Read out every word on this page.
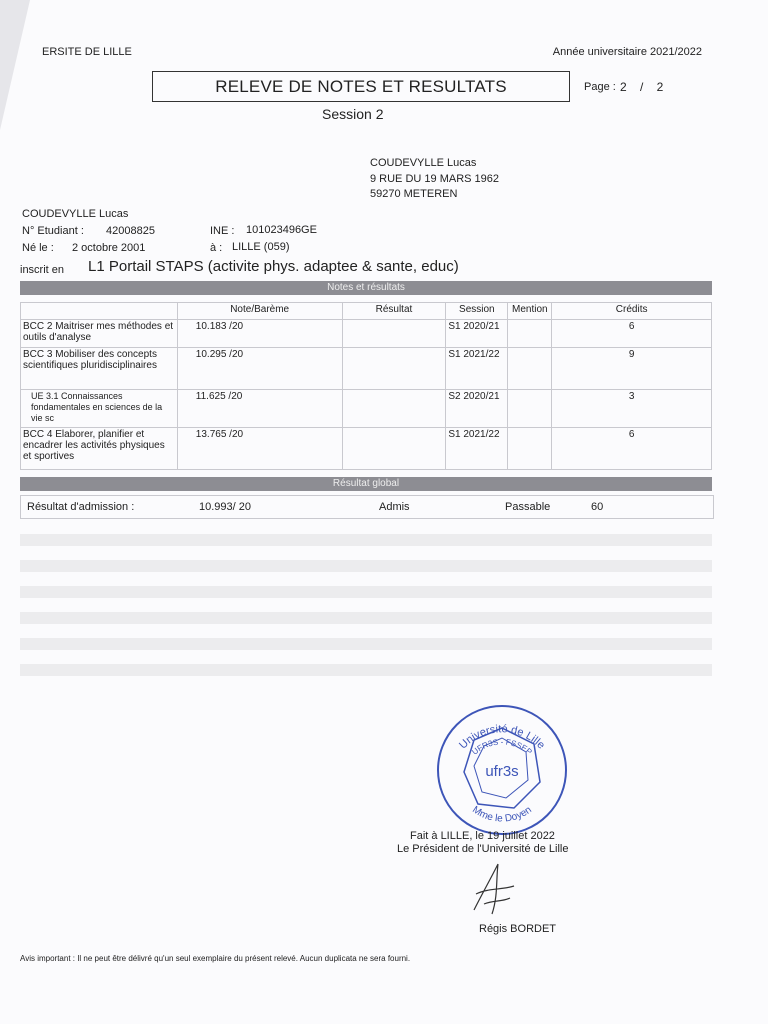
ERSITE DE LILLE	Année universitaire 2021/2022
RELEVE DE NOTES ET RESULTATS	Page : 2 / 2
Session 2
COUDEVYLLE Lucas
9 RUE DU 19 MARS 1962
59270 METEREN
COUDEVYLLE Lucas
N° Etudiant : 42008825	INE : 101023496GE
Né le : 2 octobre 2001	à : LILLE (059)
inscrit en L1 Portail STAPS (activite phys. adaptee & sante, educ)
Notes et résultats
	Note/Barème	Résultat	Session	Mention	Crédits
BCC 2 Maitriser mes méthodes et outils d'analyse	10.183 /20		S1 2020/21		6
BCC 3 Mobiliser des concepts scientifiques pluridisciplinaires	10.295 /20		S1 2021/22		9
UE 3.1 Connaissances fondamentales en sciences de la vie sc	11.625 /20		S2 2020/21		3
BCC 4 Elaborer, planifier et encadrer les activités physiques et sportives	13.765 /20		S1 2021/22		6
Résultat global
Résultat d'admission :	10.993/ 20	Admis	Passable	60
Université de Lille
UFR3S - FSSEP
ufr3s
Mme le Doyen
Fait à LILLE, le 19 juillet 2022
Le Président de l'Université de Lille
Régis BORDET
Avis important : Il ne peut être délivré qu'un seul exemplaire du présent relevé. Aucun duplicata ne sera fourni.
